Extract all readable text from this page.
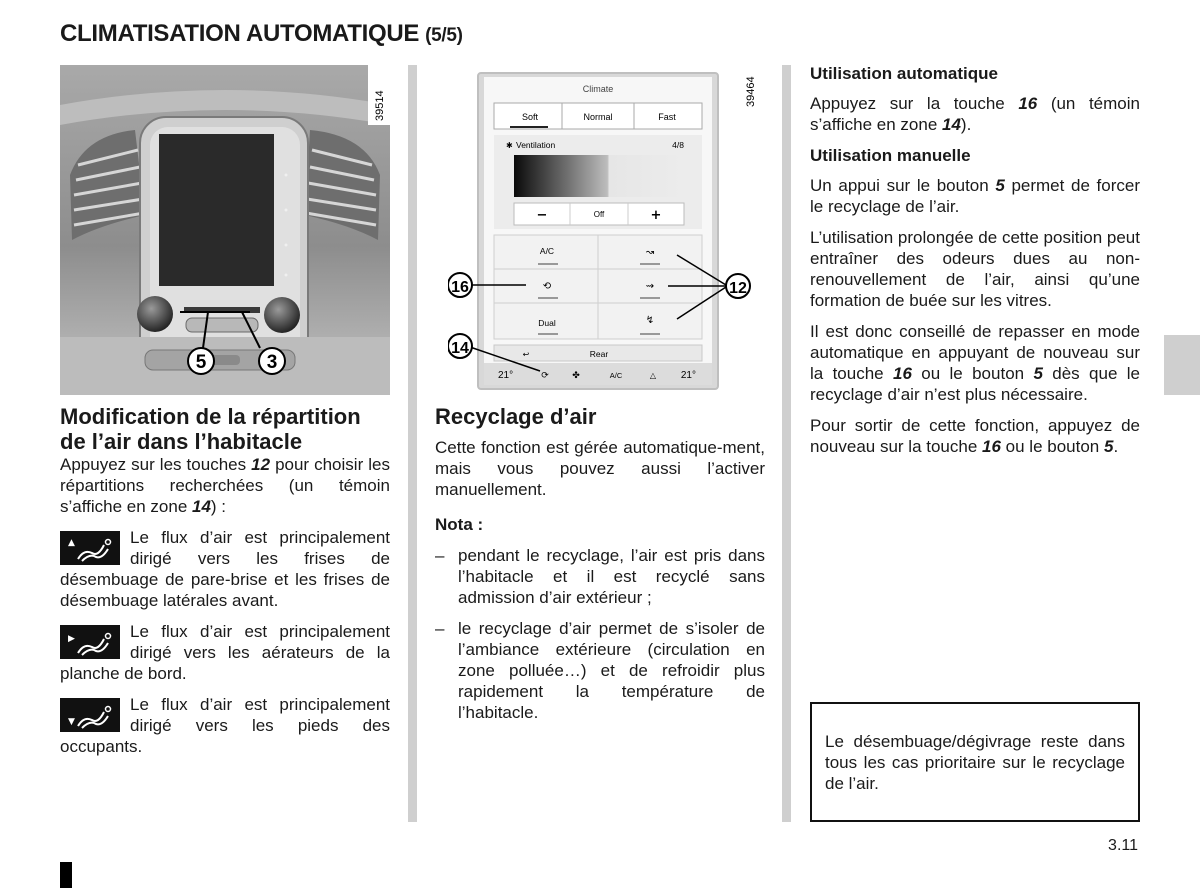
CLIMATISATION AUTOMATIQUE (5/5)
5	3
39514
Climate
Soft	Normal	Fast
Ventilation
✱	4/8
−	Off	+
A/C
⟲
Dual
↝
⇝
↯
↩	Rear
21°	⟳	✤	A/C	△ 21°
16	12
14
39464
Modification de la répartition
de l’air dans l’habitacle

Appuyez sur les touches 12 pour choisir les répartitions recherchées (un témoin s’affiche en zone 14) :

▲	Le flux d’air est principalement dirigé vers les frises de désembuage de pare-brise et les frises de désembuage latérales avant.

▶	Le flux d’air est principalement dirigé vers les aérateurs de la planche de bord.

▼

Le flux d’air est principalement dirigé vers les pieds des occupants.

Recyclage d’air

Cette fonction est gérée automatique-ment, mais vous pouvez aussi l’activer manuellement.

Nota :
– pendant le recyclage, l’air est pris dans l’habitacle et il est recyclé sans admission d’air extérieur ;
– le recyclage d’air permet de s’isoler de l’ambiance extérieure (circulation en zone polluée…) et de refroidir plus rapidement la température de l’habitacle.
Utilisation automatique

Appuyez sur la touche 16 (un témoin s’affiche en zone 14).

Utilisation manuelle

Un appui sur le bouton 5 permet de forcer le recyclage de l’air.

L’utilisation prolongée de cette position peut entraîner des odeurs dues au non-renouvellement de l’air, ainsi qu’une formation de buée sur les vitres.

Il est donc conseillé de repasser en mode automatique en appuyant de nouveau sur la touche 16 ou le bouton 5 dès que le recyclage d’air n’est plus nécessaire.

Pour sortir de cette fonction, appuyez de nouveau sur la touche 16 ou le bouton 5.

Le désembuage/dégivrage reste dans tous les cas prioritaire sur le recyclage de l’air.
3.11
